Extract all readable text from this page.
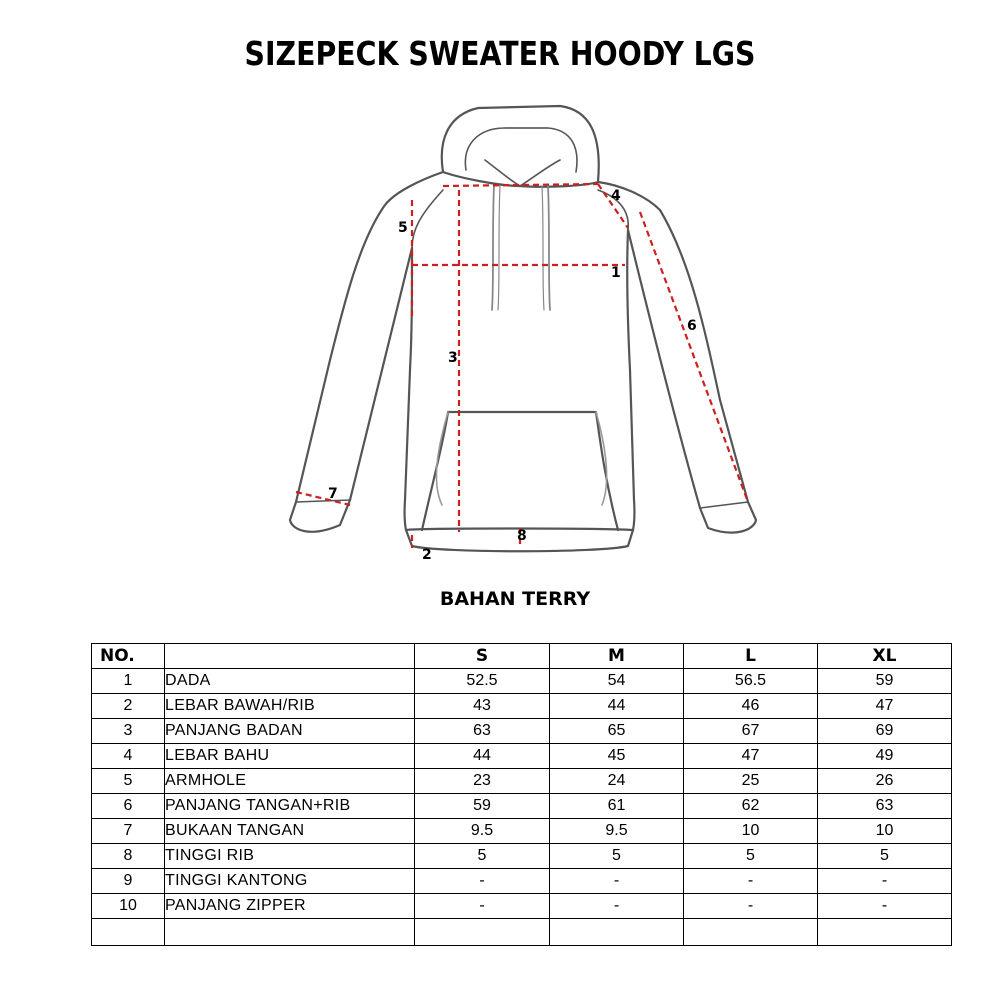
SIZEPECK SWEATER HOODY LGS
1
2
3
4
5
6
7
8
BAHAN TERRY
NO.		S	M	L	XL
1	DADA	52.5	54	56.5	59
2	LEBAR BAWAH/RIB	43	44	46	47
3	PANJANG BADAN	63	65	67	69
4	LEBAR BAHU	44	45	47	49
5	ARMHOLE	23	24	25	26
6	PANJANG TANGAN+RIB	59	61	62	63
7	BUKAAN TANGAN	9.5	9.5	10	10
8	TINGGI RIB	5	5	5	5
9	TINGGI KANTONG	-	-	-	-
10	PANJANG ZIPPER	-	-	-	-
